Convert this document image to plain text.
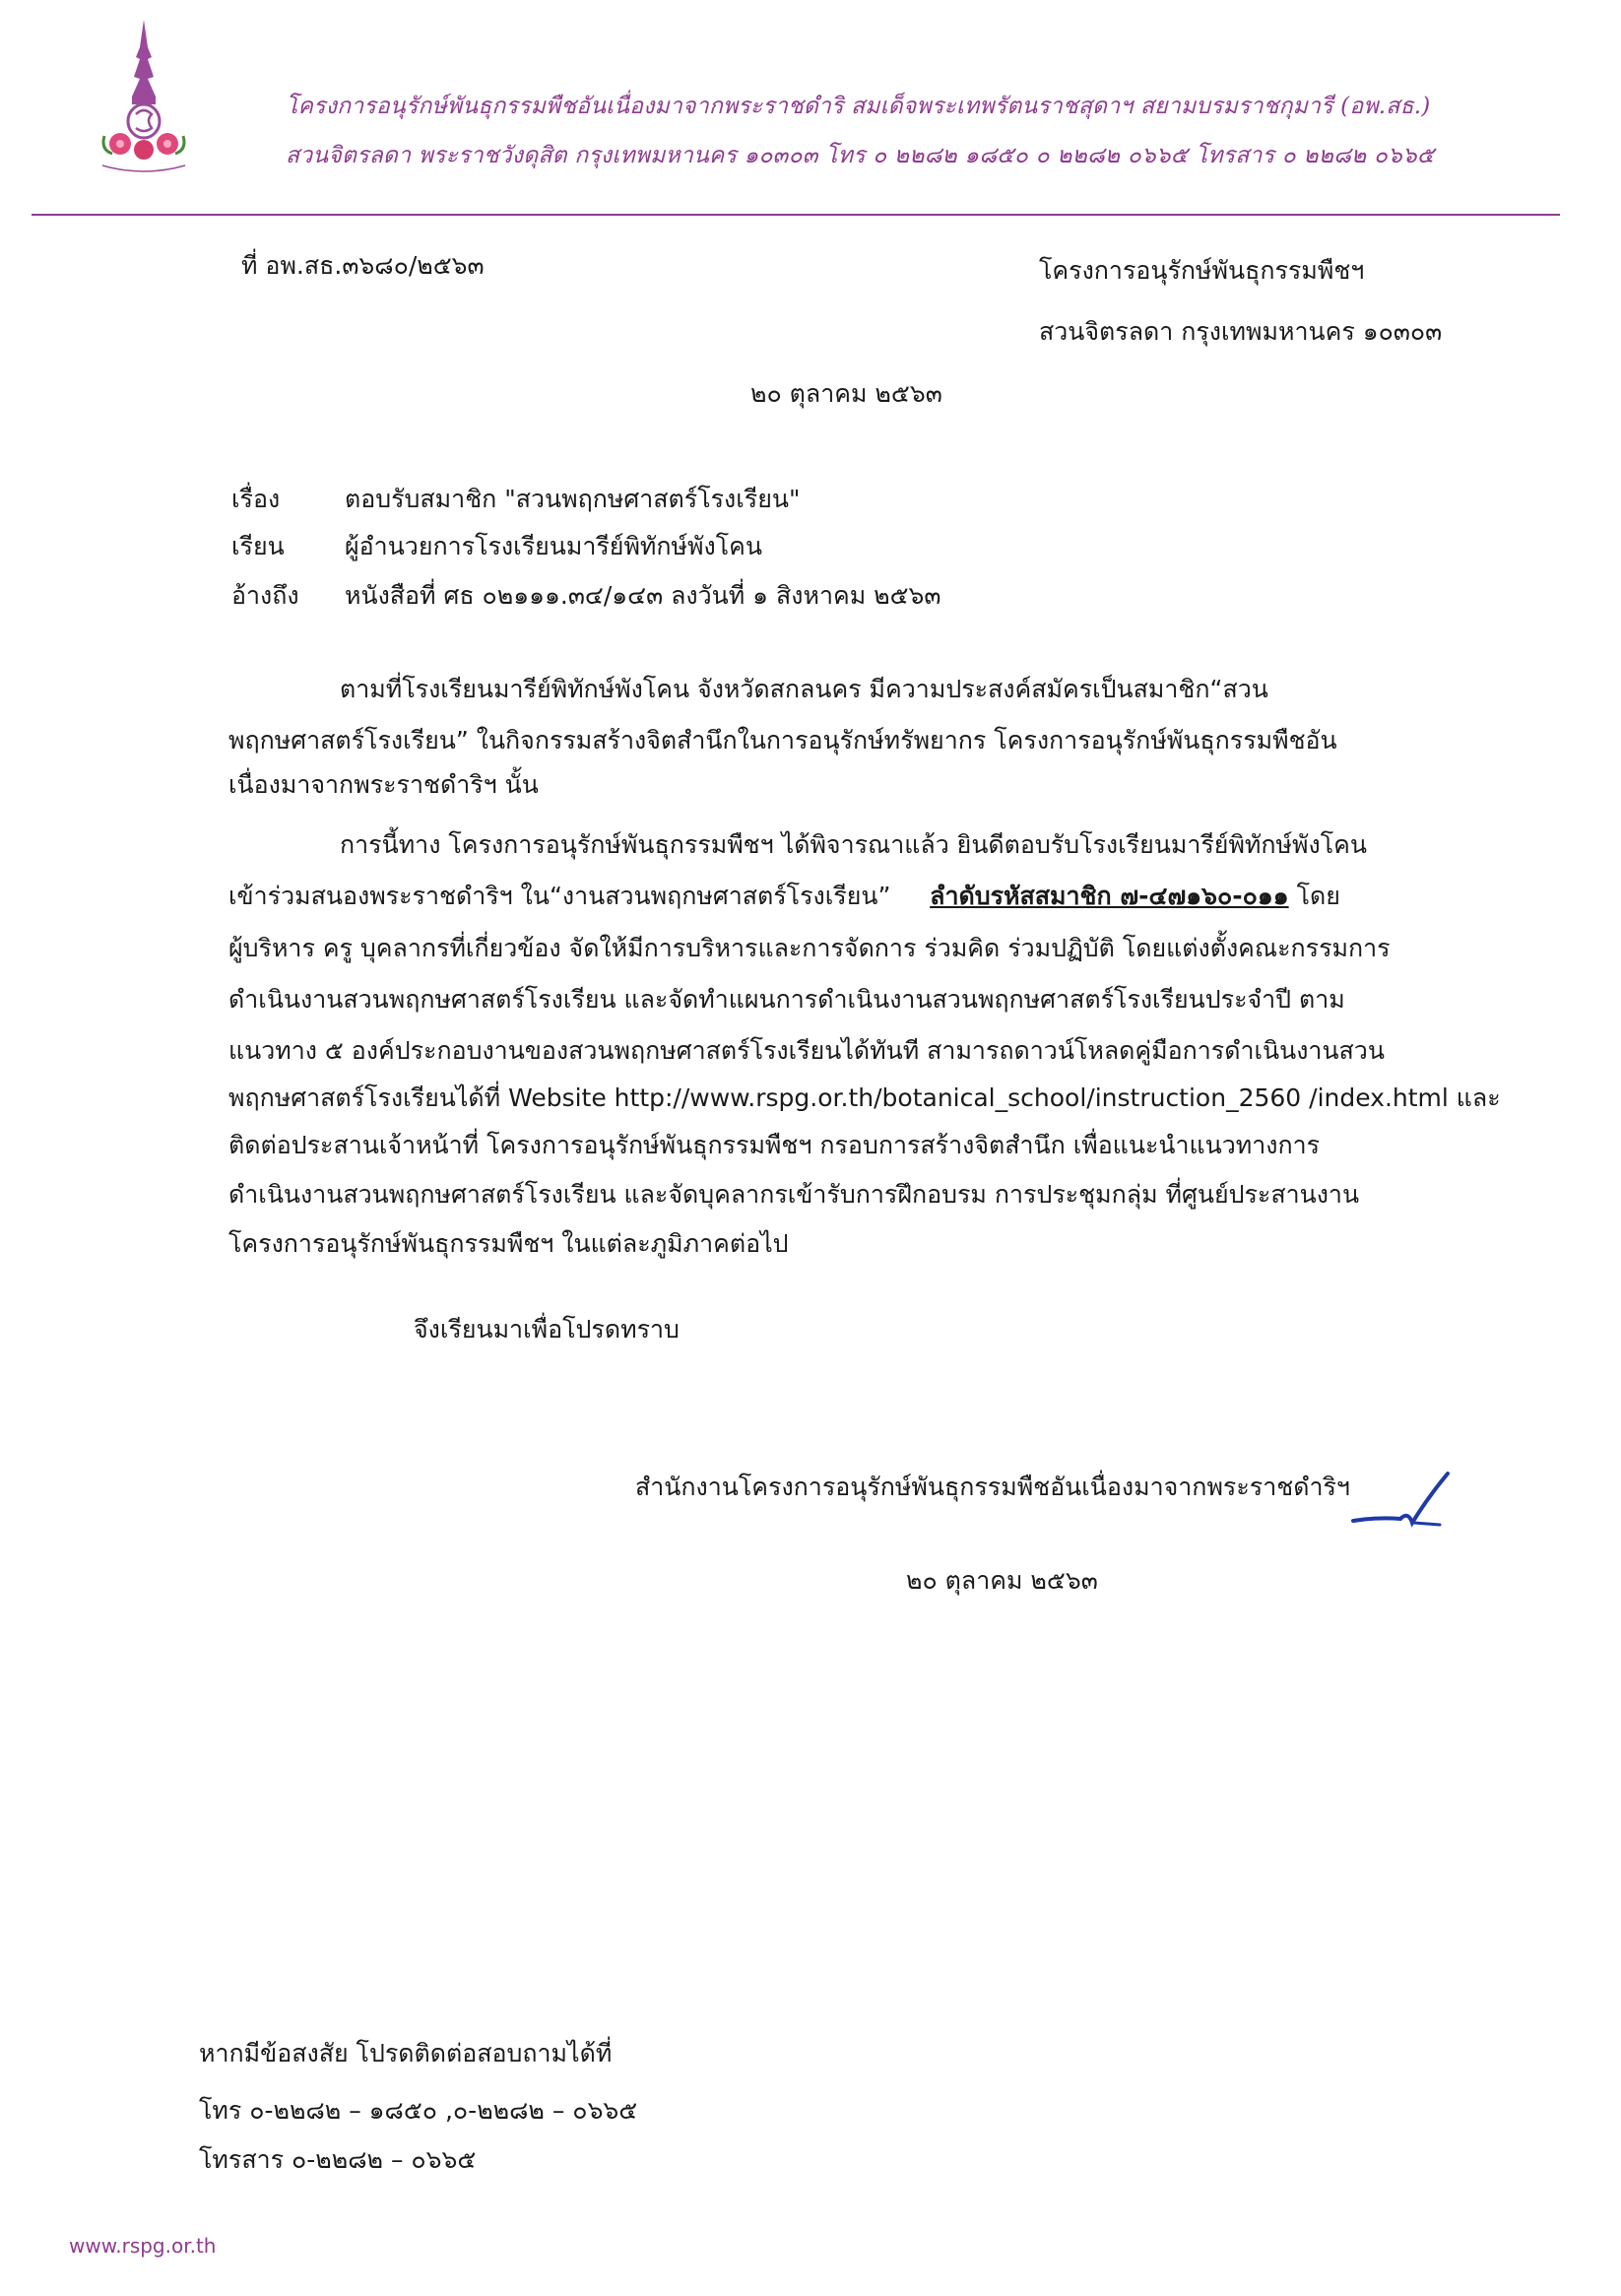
โครงการอนุรักษ์พันธุกรรมพืชอันเนื่องมาจากพระราชดำริ สมเด็จพระเทพรัตนราชสุดาฯ สยามบรมราชกุมารี (อพ.สธ.)
สวนจิตรลดา พระราชวังดุสิต กรุงเทพมหานคร ๑๐๓๐๓ โทร ๐ ๒๒๘๒ ๑๘๕๐ ๐ ๒๒๘๒ ๐๖๖๕ โทรสาร ๐ ๒๒๘๒ ๐๖๖๕
ที่ อพ.สธ.๓๖๘๐/๒๕๖๓	โครงการอนุรักษ์พันธุกรรมพืชฯ
สวนจิตรลดา กรุงเทพมหานคร ๑๐๓๐๓
๒๐ ตุลาคม ๒๕๖๓
เรื่อง	ตอบรับสมาชิก "สวนพฤกษศาสตร์โรงเรียน"
เรียน ผู้อำนวยการโรงเรียนมารีย์พิทักษ์พังโคน
อ้างถึง หนังสือที่ ศธ ๐๒๑๑๑.๓๔/๑๔๓ ลงวันที่ ๑ สิงหาคม ๒๕๖๓
ตามที่โรงเรียนมารีย์พิทักษ์พังโคน จังหวัดสกลนคร มีความประสงค์สมัครเป็นสมาชิก“สวน
พฤกษศาสตร์โรงเรียน” ในกิจกรรมสร้างจิตสำนึกในการอนุรักษ์ทรัพยากร โครงการอนุรักษ์พันธุกรรมพืชอัน
เนื่องมาจากพระราชดำริฯ นั้น
การนี้ทาง โครงการอนุรักษ์พันธุกรรมพืชฯ ได้พิจารณาแล้ว ยินดีตอบรับโรงเรียนมารีย์พิทักษ์พังโคน
เข้าร่วมสนองพระราชดำริฯ ใน“งานสวนพฤกษศาสตร์โรงเรียน” ลำดับรหัสสมาชิก ๗-๔๗๑๖๐-๐๑๑ โดย
ผู้บริหาร ครู บุคลากรที่เกี่ยวข้อง จัดให้มีการบริหารและการจัดการ ร่วมคิด ร่วมปฏิบัติ โดยแต่งตั้งคณะกรรมการ
ดำเนินงานสวนพฤกษศาสตร์โรงเรียน และจัดทำแผนการดำเนินงานสวนพฤกษศาสตร์โรงเรียนประจำปี ตาม
แนวทาง ๕ องค์ประกอบงานของสวนพฤกษศาสตร์โรงเรียนได้ทันที สามารถดาวน์โหลดคู่มือการดำเนินงานสวน
พฤกษศาสตร์โรงเรียนได้ที่ Website http://www.rspg.or.th/botanical_school/instruction_2560 /index.html และ
ติดต่อประสานเจ้าหน้าที่ โครงการอนุรักษ์พันธุกรรมพืชฯ กรอบการสร้างจิตสำนึก เพื่อแนะนำแนวทางการ
ดำเนินงานสวนพฤกษศาสตร์โรงเรียน และจัดบุคลากรเข้ารับการฝึกอบรม การประชุมกลุ่ม ที่ศูนย์ประสานงาน
โครงการอนุรักษ์พันธุกรรมพืชฯ ในแต่ละภูมิภาคต่อไป
จึงเรียนมาเพื่อโปรดทราบ
สำนักงานโครงการอนุรักษ์พันธุกรรมพืชอันเนื่องมาจากพระราชดำริฯ
๒๐ ตุลาคม ๒๕๖๓
หากมีข้อสงสัย โปรดติดต่อสอบถามได้ที่
โทร ๐-๒๒๘๒ – ๑๘๕๐ ,๐-๒๒๘๒ – ๐๖๖๕
โทรสาร ๐-๒๒๘๒ – ๐๖๖๕
www.rspg.or.th
